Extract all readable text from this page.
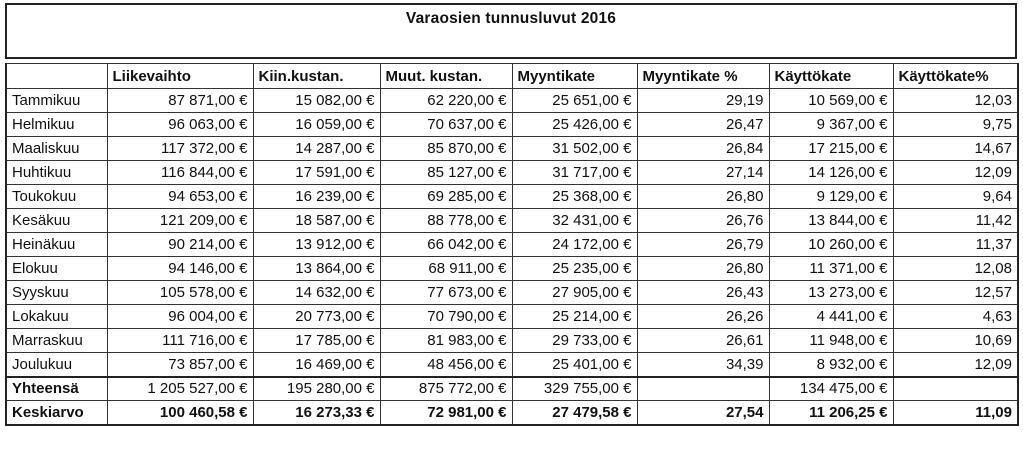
Varaosien tunnusluvut 2016
	Liikevaihto	Kiin.kustan.	Muut. kustan.	Myyntikate	Myyntikate %	Käyttökate	Käyttökate%
Tammikuu	87 871,00 €	15 082,00 €	62 220,00 €	25 651,00 €	29,19	10 569,00 €	12,03
Helmikuu	96 063,00 €	16 059,00 €	70 637,00 €	25 426,00 €	26,47	9 367,00 €	9,75
Maaliskuu	117 372,00 €	14 287,00 €	85 870,00 €	31 502,00 €	26,84	17 215,00 €	14,67
Huhtikuu	116 844,00 €	17 591,00 €	85 127,00 €	31 717,00 €	27,14	14 126,00 €	12,09
Toukokuu	94 653,00 €	16 239,00 €	69 285,00 €	25 368,00 €	26,80	9 129,00 €	9,64
Kesäkuu	121 209,00 €	18 587,00 €	88 778,00 €	32 431,00 €	26,76	13 844,00 €	11,42
Heinäkuu	90 214,00 €	13 912,00 €	66 042,00 €	24 172,00 €	26,79	10 260,00 €	11,37
Elokuu	94 146,00 €	13 864,00 €	68 911,00 €	25 235,00 €	26,80	11 371,00 €	12,08
Syyskuu	105 578,00 €	14 632,00 €	77 673,00 €	27 905,00 €	26,43	13 273,00 €	12,57
Lokakuu	96 004,00 €	20 773,00 €	70 790,00 €	25 214,00 €	26,26	4 441,00 €	4,63
Marraskuu	111 716,00 €	17 785,00 €	81 983,00 €	29 733,00 €	26,61	11 948,00 €	10,69
Joulukuu	73 857,00 €	16 469,00 €	48 456,00 €	25 401,00 €	34,39	8 932,00 €	12,09
Yhteensä	1 205 527,00 €	195 280,00 €	875 772,00 €	329 755,00 €		134 475,00 €	
Keskiarvo	100 460,58 €	16 273,33 €	72 981,00 €	27 479,58 €	27,54	11 206,25 €	11,09
